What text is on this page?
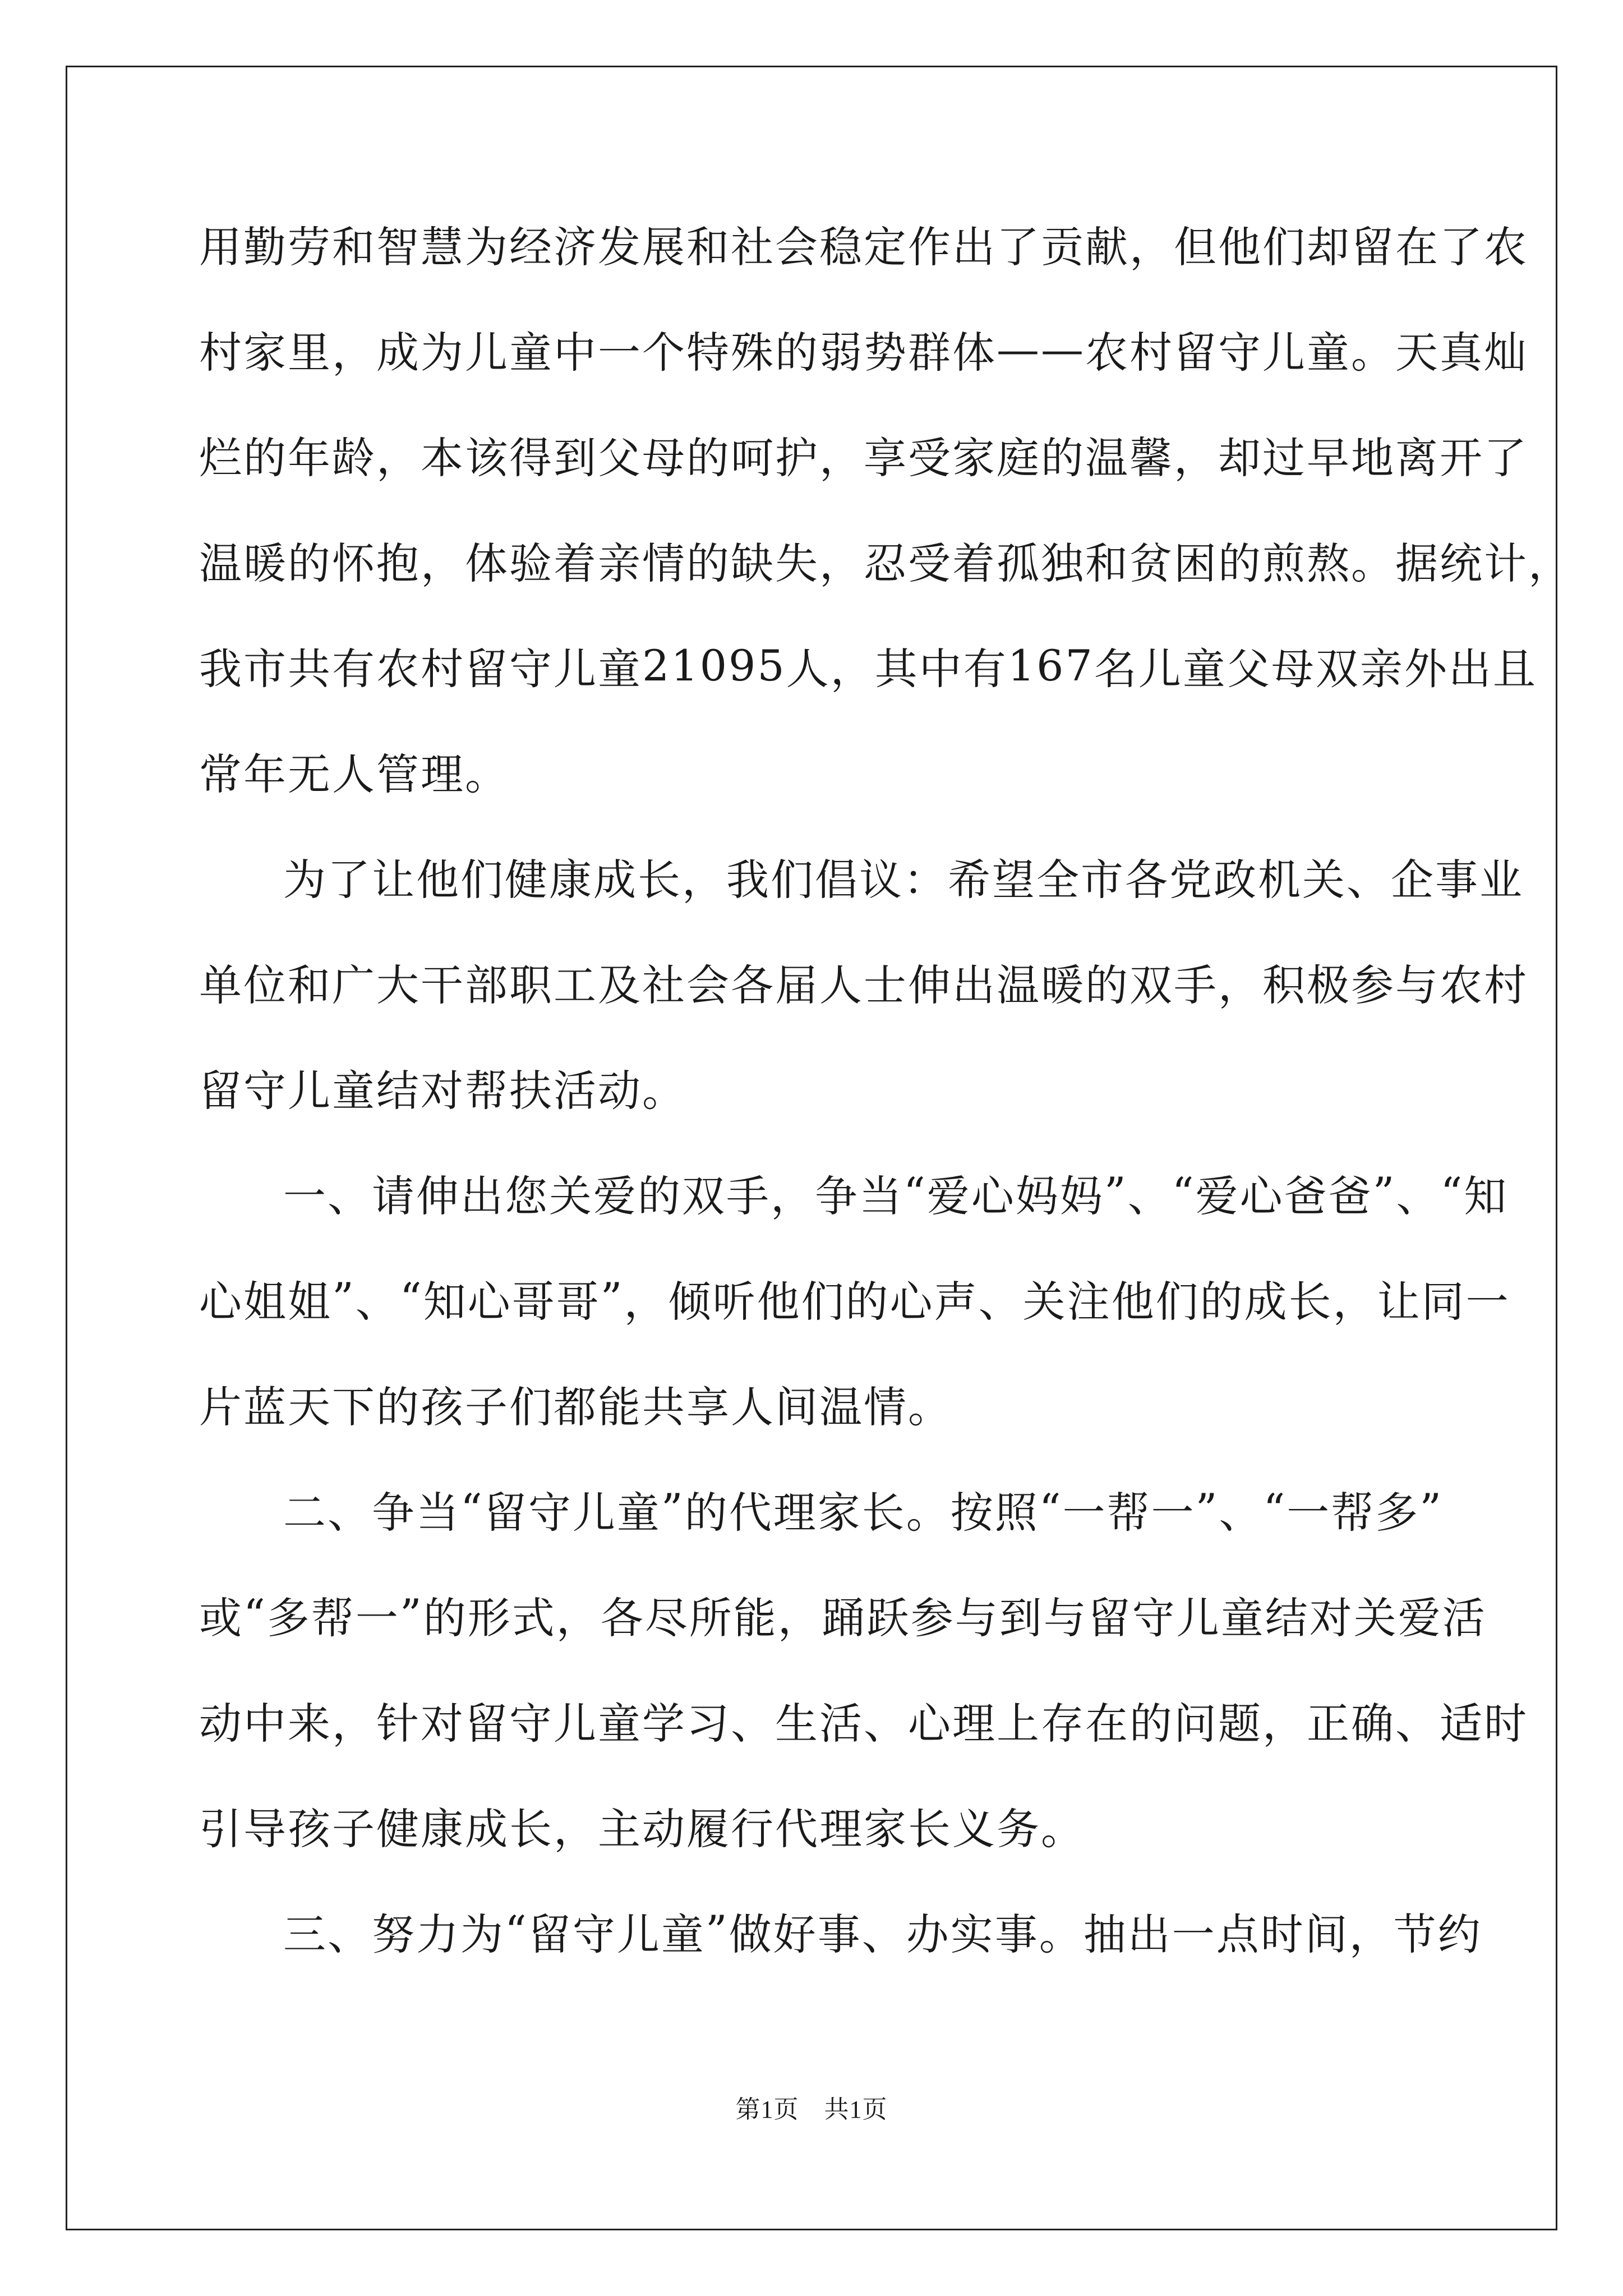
用 勤 劳 和 智 慧 为 经 济 发 展 和 社 会 稳 定 作 出 了 贡 献 ， 但 他 们 却 留 在 了 农
村 家 里 ， 成 为 儿 童 中 一 个 特 殊 的 弱 势 群 体 — — 农 村 留 守 儿 童 。 天 真 灿
烂 的 年 龄 ， 本 该 得 到 父 母 的 呵 护 ， 享 受 家 庭 的 温 馨 ， 却 过 早 地 离 开 了
温 暖 的 怀 抱 ， 体 验 着 亲 情 的 缺 失 ， 忍 受 着 孤 独 和 贫 困 的 煎 熬 。 据 统 计 ，
我 市 共 有 农 村 留 守 儿 童 21095 人 ， 其 中 有 167 名 儿 童 父 母 双 亲 外 出 且
常年无人管理。
为 了 让 他 们 健 康 成 长 ， 我 们 倡 议 ： 希 望 全 市 各 党 政 机 关 、 企 事 业
单 位 和 广 大 干 部 职 工 及 社 会 各 届 人 士 伸 出 温 暖 的 双 手 ， 积 极 参 与 农 村
留守儿童结对帮扶活动。
一 、 请 伸 出 您 关 爱 的 双 手 ， 争 当 “ 爱 心 妈 妈 ” 、 “ 爱 心 爸 爸 ” 、 “ 知
心 姐 姐 ” 、 “ 知 心 哥 哥 ” ， 倾 听 他 们 的 心 声 、 关 注 他 们 的 成 长 ， 让 同 一
片蓝天下的孩子们都能共享人间温情。
二 、 争 当 “ 留 守 儿 童 ” 的 代 理 家 长 。 按 照 “ 一 帮 一 ” 、 “ 一 帮 多 ”
或 “ 多 帮 一 ” 的 形 式 ， 各 尽 所 能 ， 踊 跃 参 与 到 与 留 守 儿 童 结 对 关 爱 活
动 中 来 ， 针 对 留 守 儿 童 学 习 、 生 活 、 心 理 上 存 在 的 问 题 ， 正 确 、 适 时
引导孩子健康成长，主动履行代理家长义务。
三 、 努 力 为 “ 留 守 儿 童 ” 做 好 事 、 办 实 事 。 抽 出 一 点 时 间 ， 节 约
第1页　共1页
